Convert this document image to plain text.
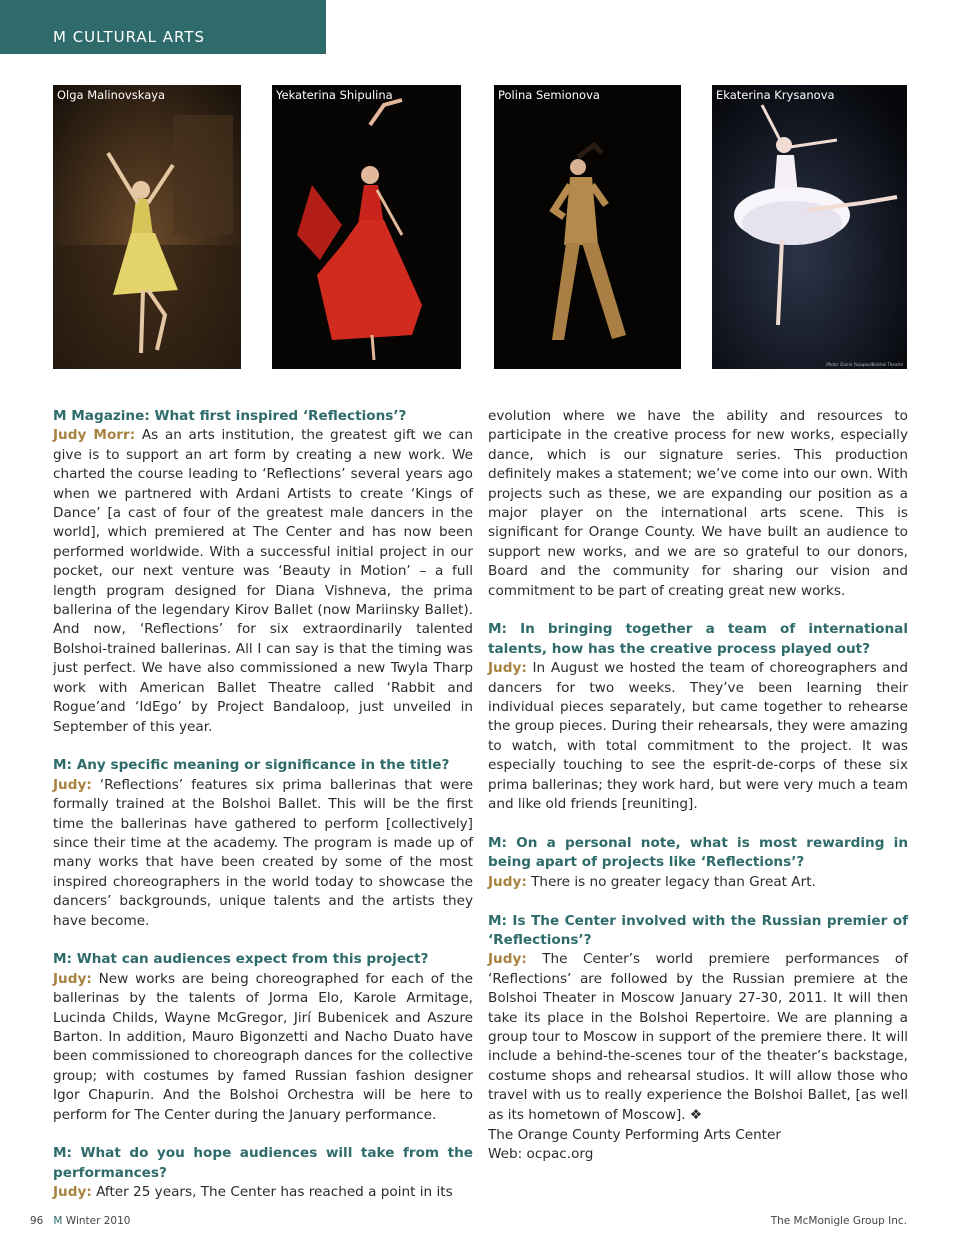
M CULTURAL ARTS
Olga Malinovskaya	Yekaterina Shipulina	Polina Semionova	Ekaterina Krysanova
Photo: Damir Yusupov/Bolshoi Theatre
M Magazine: What first inspired ‘Reflections’?

Judy Morr: As an arts institution, the greatest gift we can give is to support an art form by creating a new work. We charted the course leading to ‘Reflections’ several years ago when we partnered with Ardani Artists to create ‘Kings of Dance’ [a cast of four of the greatest male dancers in the world], which premiered at The Center and has now been performed worldwide. With a successful initial project in our pocket, our next venture was ‘Beauty in Motion’ – a full length program designed for Diana Vishneva, the prima ballerina of the legendary Kirov Ballet (now Mariinsky Ballet). And now, ‘Reflections’ for six extraordinarily talented Bolshoi-trained ballerinas. All I can say is that the timing was just perfect. We have also commissioned a new Twyla Tharp work with American Ballet Theatre called ‘Rabbit and Rogue’and ‘IdEgo’ by Project Bandaloop, just unveiled in September of this year.

M: Any specific meaning or significance in the title?

Judy: ‘Reflections’ features six prima ballerinas that were formally trained at the Bolshoi Ballet. This will be the first time the ballerinas have gathered to perform [collectively] since their time at the academy. The program is made up of many works that have been created by some of the most inspired choreographers in the world today to showcase the dancers’ backgrounds, unique talents and the artists they have become.

M: What can audiences expect from this project?

Judy: New works are being choreographed for each of the ballerinas by the talents of Jorma Elo, Karole Armitage, Lucinda Childs, Wayne McGregor, Jirí Bubenicek and Aszure Barton. In addition, Mauro Bigonzetti and Nacho Duato have been commissioned to choreograph dances for the collective group; with costumes by famed Russian fashion designer Igor Chapurin. And the Bolshoi Orchestra will be here to perform for The Center during the January performance.

M: What do you hope audiences will take from the performances?

Judy: After 25 years, The Center has reached a point in its

evolution where we have the ability and resources to participate in the creative process for new works, especially dance, which is our signature series. This production definitely makes a statement; we’ve come into our own. With projects such as these, we are expanding our position as a major player on the international arts scene. This is significant for Orange County. We have built an audience to support new works, and we are so grateful to our donors, Board and the community for sharing our vision and commitment to be part of creating great new works.

M: In bringing together a team of international talents, how has the creative process played out?

Judy: In August we hosted the team of choreographers and dancers for two weeks. They’ve been learning their individual pieces separately, but came together to rehearse the group pieces. During their rehearsals, they were amazing to watch, with total commitment to the project. It was especially touching to see the esprit-de-corps of these six prima ballerinas; they work hard, but were very much a team and like old friends [reuniting].

M: On a personal note, what is most rewarding in being apart of projects like ‘Reflections’?

Judy: There is no greater legacy than Great Art.

M: Is The Center involved with the Russian premier of ‘Reflections’?

Judy: The Center’s world premiere performances of ‘Reflections’ are followed by the Russian premiere at the Bolshoi Theater in Moscow January 27-30, 2011. It will then take its place in the Bolshoi Repertoire. We are planning a group tour to Moscow in support of the premiere there. It will include a behind-the-scenes tour of the theater’s backstage, costume shops and rehearsal studios. It will allow those who travel with us to really experience the Bolshoi Ballet, [as well as its hometown of Moscow]. ❖

The Orange County Performing Arts Center
Web: ocpac.org
96 M Winter 2010	The McMonigle Group Inc.
